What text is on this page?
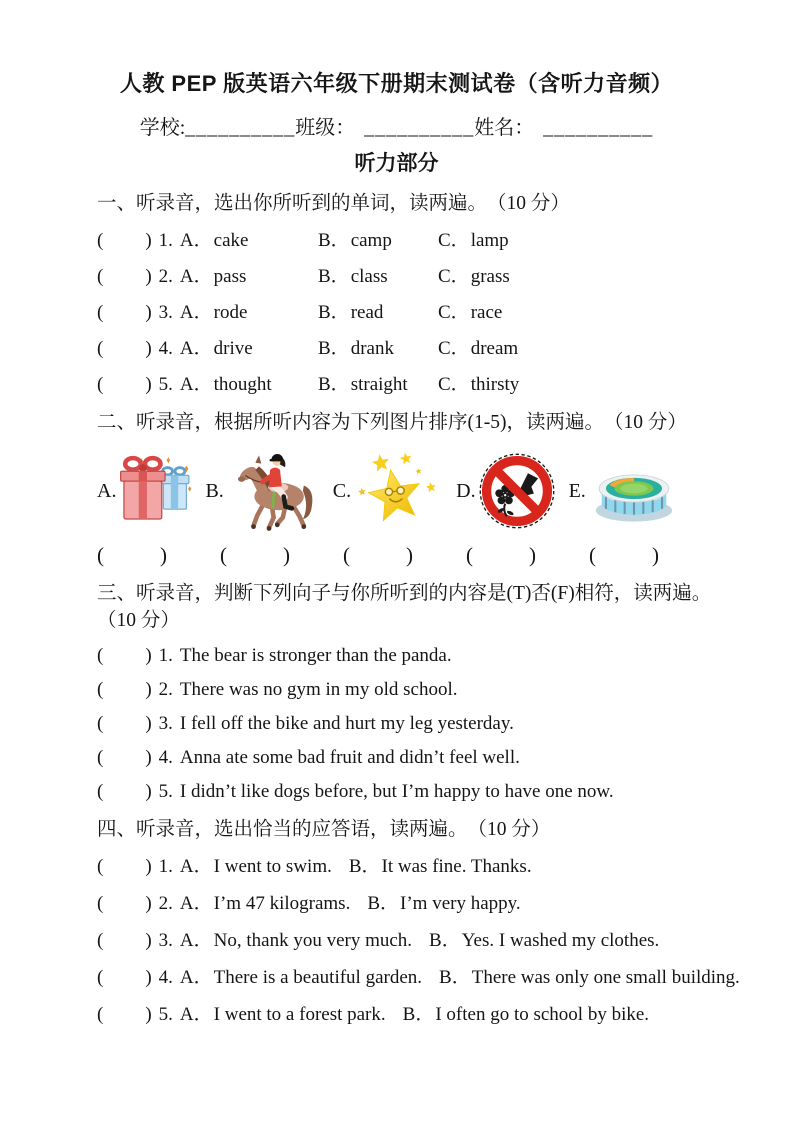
人教 PEP 版英语六年级下册期末测试卷（含听力音频）
学校:__________班级： __________姓名： __________
听力部分
一、听录音，选出你所听到的单词，读两遍。（10 分）
( ) 1. A．cake	B．camp	C．lamp
( ) 2. A．pass	B．class	C．grass
( ) 3. A．rode	B．read	C．race
( ) 4. A．drive	B．drank	C．dream
( ) 5. A．thought	B．straight	C．thirsty
二、听录音，根据所听内容为下列图片排序(1-5)，读两遍。（10 分）
A.	B.	C.	D.	E.
(	)	(	)	(	)	(	)	(	)
三、听录音，判断下列向子与你所听到的内容是(T)否(F)相符，读两遍。（10 分）
( ) 1. The bear is stronger than the panda.
( ) 2. There was no gym in my old school.
( ) 3. I fell off the bike and hurt my leg yesterday.
( ) 4. Anna ate some bad fruit and didn’t feel well.
( ) 5. I didn’t like dogs before, but I’m happy to have one now.
四、听录音，选出恰当的应答语，读两遍。（10 分）
( ) 1. A．I went to swim. B．It was fine. Thanks.
( ) 2. A．I’m 47 kilograms. B．I’m very happy.
( ) 3. A．No, thank you very much. B．Yes. I washed my clothes.
( ) 4. A．There is a beautiful garden. B．There was only one small building.
( ) 5. A．I went to a forest park. B．I often go to school by bike.
